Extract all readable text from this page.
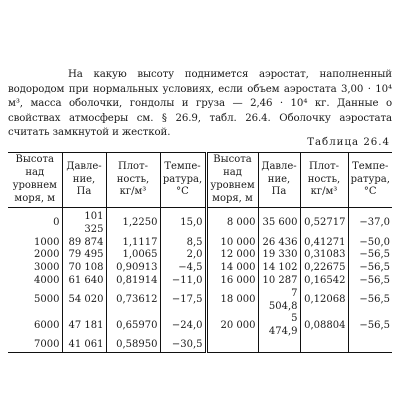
На какую высоту поднимется аэростат, наполненный водородом при нормальных условиях, если объем аэростата 3,00 · 10⁴ м³, масса оболочки, гондолы и груза — 2,46 · 10⁴ кг. Данные о свойствах атмосферы см. § 26.9, табл. 26.4. Оболочку аэростата считать замкнутой и жесткой.

Таблица 26.4
Высота над уровнем моря, м	Давле- ние, Па	Плот- ность, кг/м³	Темпе- ратура, °С	Высота над уровнем моря, м	Давле- ние, Па	Плот- ность, кг/м³	Темпе- ратура, °С
0	101 325	1,2250	15,0	8 000	35 600	0,52717	−37,0
1000	89 874	1,1117	8,5	10 000	26 436	0,41271	−50,0
2000	79 495	1,0065	2,0	12 000	19 330	0,31083	−56,5
3000	70 108	0,90913	−4,5	14 000	14 102	0,22675	−56,5
4000	61 640	0,81914	−11,0	16 000	10 287	0,16542	−56,5
5000	54 020	0,73612	−17,5	18 000	7 504,8	0,12068	−56,5
6000	47 181	0,65970	−24,0	20 000	5 474,9	0,08804	−56,5
7000	41 061	0,58950	−30,5				
